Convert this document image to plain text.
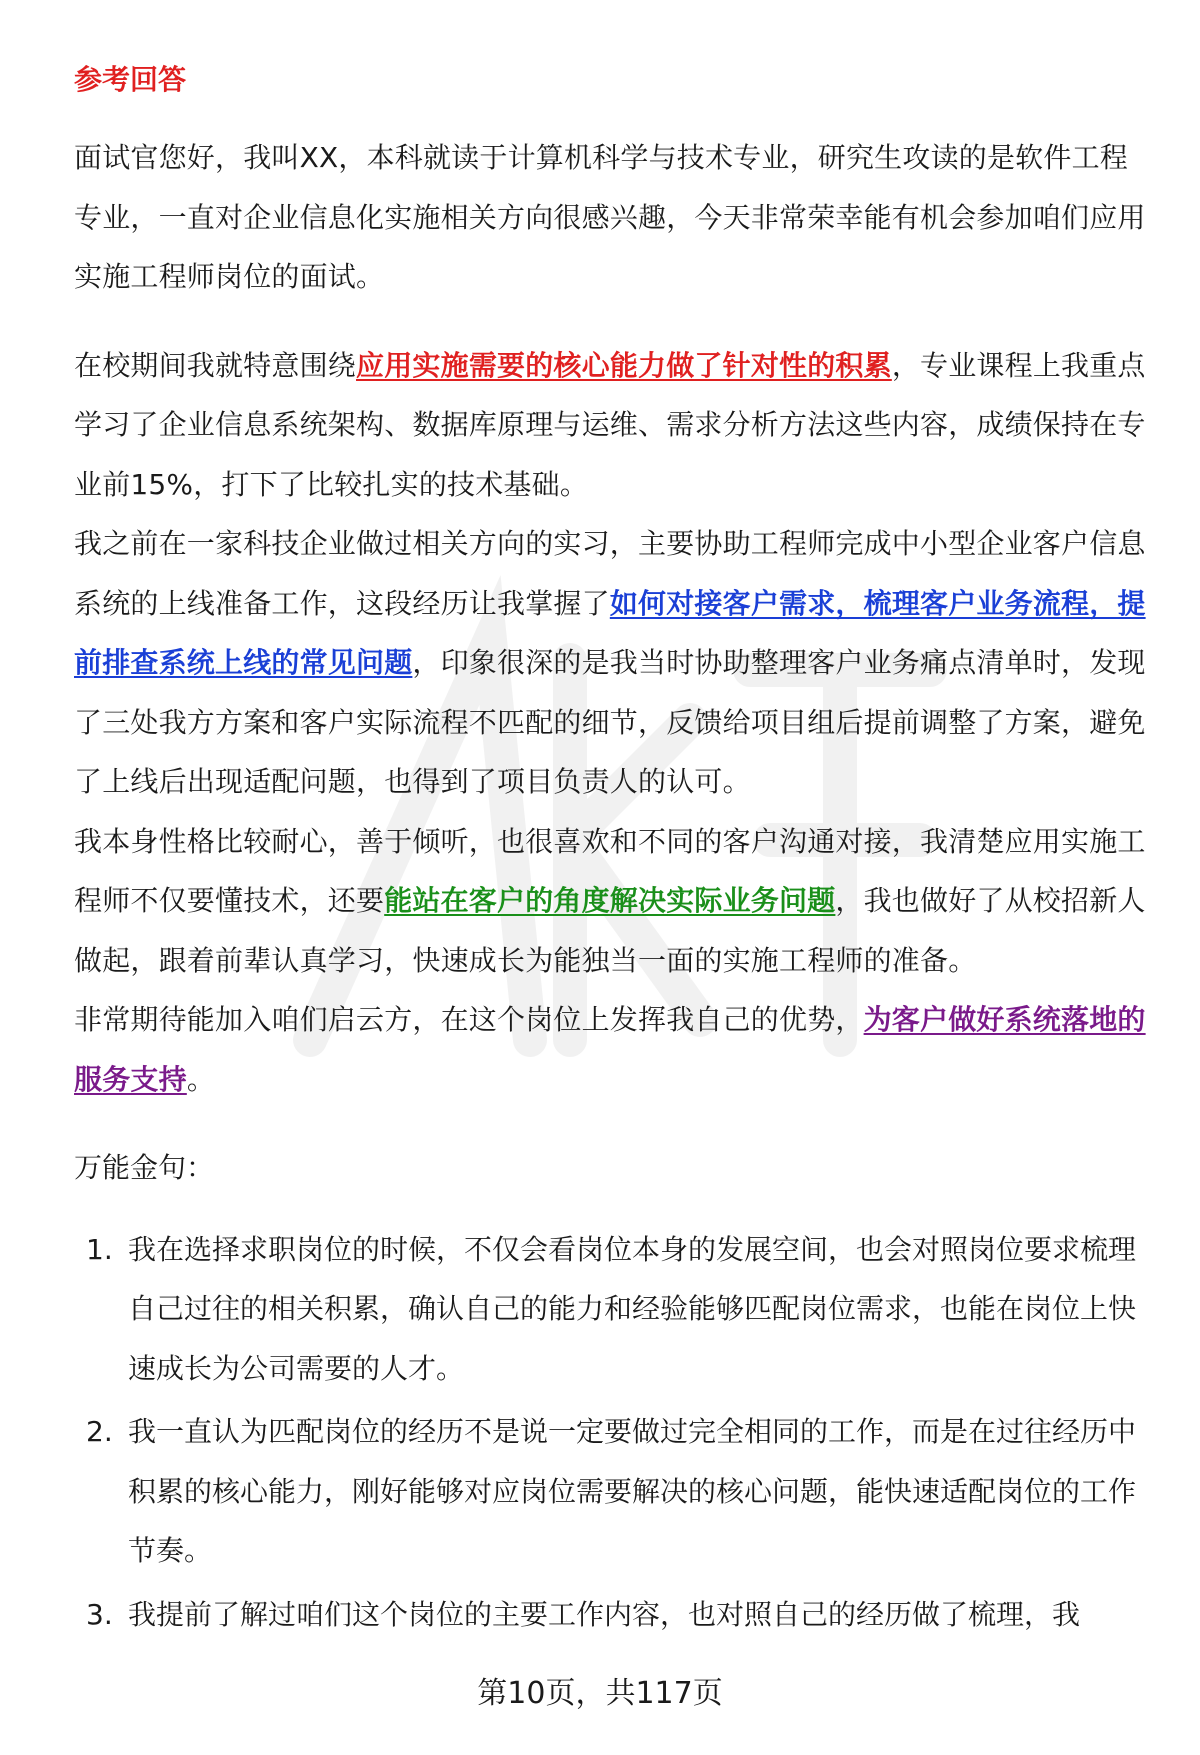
参考回答

面试官您好，我叫XX，本科就读于计算机科学与技术专业，研究生攻读的是软件工程专业，一直对企业信息化实施相关方向很感兴趣，今天非常荣幸能有机会参加咱们应用实施工程师岗位的面试。

在校期间我就特意围绕应用实施需要的核心能力做了针对性的积累，专业课程上我重点学习了企业信息系统架构、数据库原理与运维、需求分析方法这些内容，成绩保持在专业前15%，打下了比较扎实的技术基础。

我之前在一家科技企业做过相关方向的实习，主要协助工程师完成中小型企业客户信息系统的上线准备工作，这段经历让我掌握了如何对接客户需求，梳理客户业务流程，提前排查系统上线的常见问题，印象很深的是我当时协助整理客户业务痛点清单时，发现了三处我方方案和客户实际流程不匹配的细节，反馈给项目组后提前调整了方案，避免了上线后出现适配问题，也得到了项目负责人的认可。

我本身性格比较耐心，善于倾听，也很喜欢和不同的客户沟通对接，我清楚应用实施工程师不仅要懂技术，还要能站在客户的角度解决实际业务问题，我也做好了从校招新人做起，跟着前辈认真学习，快速成长为能独当一面的实施工程师的准备。

非常期待能加入咱们启云方，在这个岗位上发挥我自己的优势，为客户做好系统落地的服务支持。

万能金句：

1. 我在选择求职岗位的时候，不仅会看岗位本身的发展空间，也会对照岗位要求梳理自己过往的相关积累，确认自己的能力和经验能够匹配岗位需求，也能在岗位上快速成长为公司需要的人才。
2. 我一直认为匹配岗位的经历不是说一定要做过完全相同的工作，而是在过往经历中积累的核心能力，刚好能够对应岗位需要解决的核心问题，能快速适配岗位的工作节奏。
3. 我提前了解过咱们这个岗位的主要工作内容，也对照自己的经历做了梳理，我
第10页，共117页
